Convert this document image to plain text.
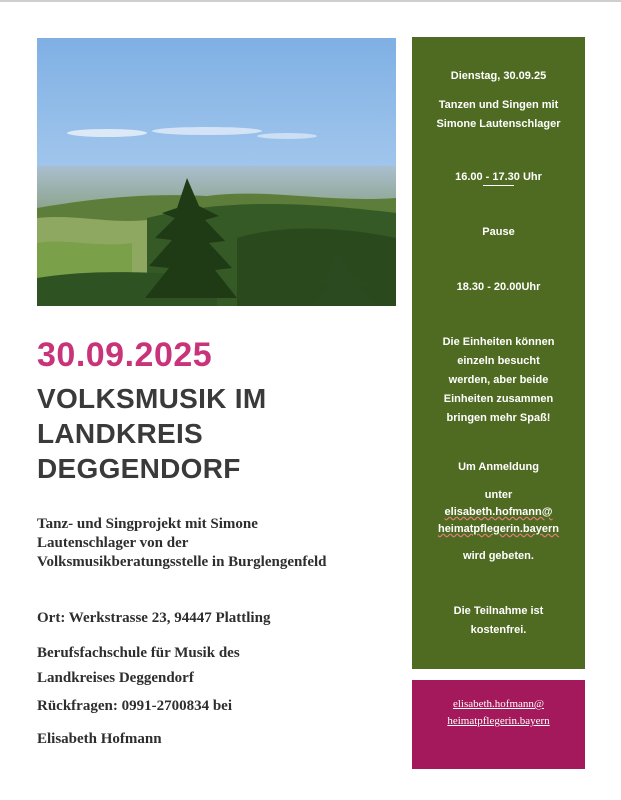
30.09.2025
VOLKSMUSIK IM
LANDKREIS
DEGGENDORF
Tanz- und Singprojekt mit Simone Lautenschlager von der Volksmusikberatungsstelle in Burglengenfeld
Ort: Werkstrasse 23, 94447 Plattling
Berufsfachschule für Musik des
Landkreises Deggendorf
Rückfragen: 0991-2700834 bei
Elisabeth Hofmann
Dienstag, 30.09.25
Tanzen und Singen mit
Simone Lautenschlager
16.00 - 17.30 Uhr
Pause
18.30 - 20.00Uhr
Die Einheiten können
einzeln besucht
werden, aber beide
Einheiten zusammen
bringen mehr Spaß!
Um Anmeldung
unter
elisabeth.hofmann@
heimatpflegerin.bayern
wird gebeten.
Die Teilnahme ist
kostenfrei.
elisabeth.hofmann@
heimatpflegerin.bayern
